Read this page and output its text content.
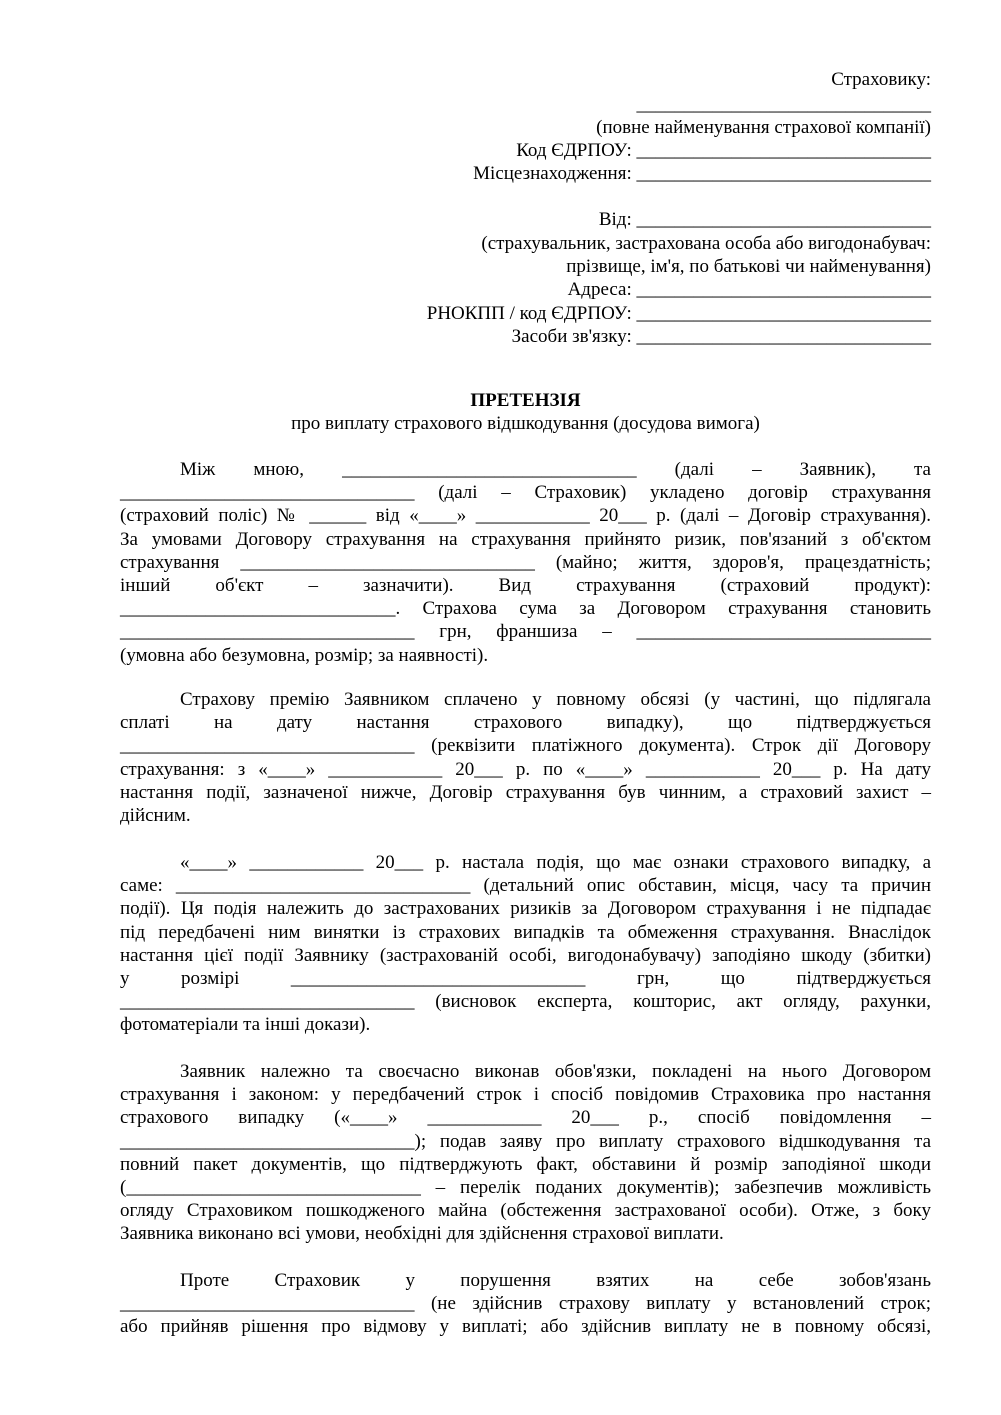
Страховику:
_______________________________
(повне найменування страхової компанії)
Код ЄДРПОУ: _______________________________
Місцезнаходження: _______________________________
Від: _______________________________
(страхувальник, застрахована особа або вигодонабувач:
прізвище, ім'я, по батькові чи найменування)
Адреса: _______________________________
РНОКПП / код ЄДРПОУ: _______________________________
Засоби зв'язку: _______________________________
ПРЕТЕНЗІЯ
про виплату страхового відшкодування (досудова вимога)
Між мною, _______________________________ (далі – Заявник), та
_______________________________ (далі – Страховик) укладено договір страхування
(страховий поліс) № ______ від «____» ____________ 20___ р. (далі – Договір страхування).
За умовами Договору страхування на страхування прийнято ризик, пов'язаний з об'єктом
страхування _______________________________ (майно; життя, здоров'я, працездатність;
інший об'єкт – зазначити). Вид страхування (страховий продукт):
_____________________________. Страхова сума за Договором страхування становить
_______________________________ грн, франшиза – _______________________________
(умовна або безумовна, розмір; за наявності).
Страхову премію Заявником сплачено у повному обсязі (у частині, що підлягала
сплаті на дату настання страхового випадку), що підтверджується
_______________________________ (реквізити платіжного документа). Строк дії Договору
страхування: з «____» ____________ 20___ р. по «____» ____________ 20___ р. На дату
настання події, зазначеної нижче, Договір страхування був чинним, а страховий захист –
дійсним.
«____» ____________ 20___ р. настала подія, що має ознаки страхового випадку, а
саме: _______________________________ (детальний опис обставин, місця, часу та причин
події). Ця подія належить до застрахованих ризиків за Договором страхування і не підпадає
під передбачені ним винятки із страхових випадків та обмеження страхування. Внаслідок
настання цієї події Заявнику (застрахованій особі, вигодонабувачу) заподіяно шкоду (збитки)
у розмірі _______________________________ грн, що підтверджується
_______________________________ (висновок експерта, кошторис, акт огляду, рахунки,
фотоматеріали та інші докази).
Заявник належно та своєчасно виконав обов'язки, покладені на нього Договором
страхування і законом: у передбачений строк і спосіб повідомив Страховика про настання
страхового випадку («____» ____________ 20___ р., спосіб повідомлення –
_______________________________); подав заяву про виплату страхового відшкодування та
повний пакет документів, що підтверджують факт, обставини й розмір заподіяної шкоди
(_______________________________ – перелік поданих документів); забезпечив можливість
огляду Страховиком пошкодженого майна (обстеження застрахованої особи). Отже, з боку
Заявника виконано всі умови, необхідні для здійснення страхової виплати.
Проте Страховик у порушення взятих на себе зобов'язань
_______________________________ (не здійснив страхову виплату у встановлений строк;
або прийняв рішення про відмову у виплаті; або здійснив виплату не в повному обсязі,
